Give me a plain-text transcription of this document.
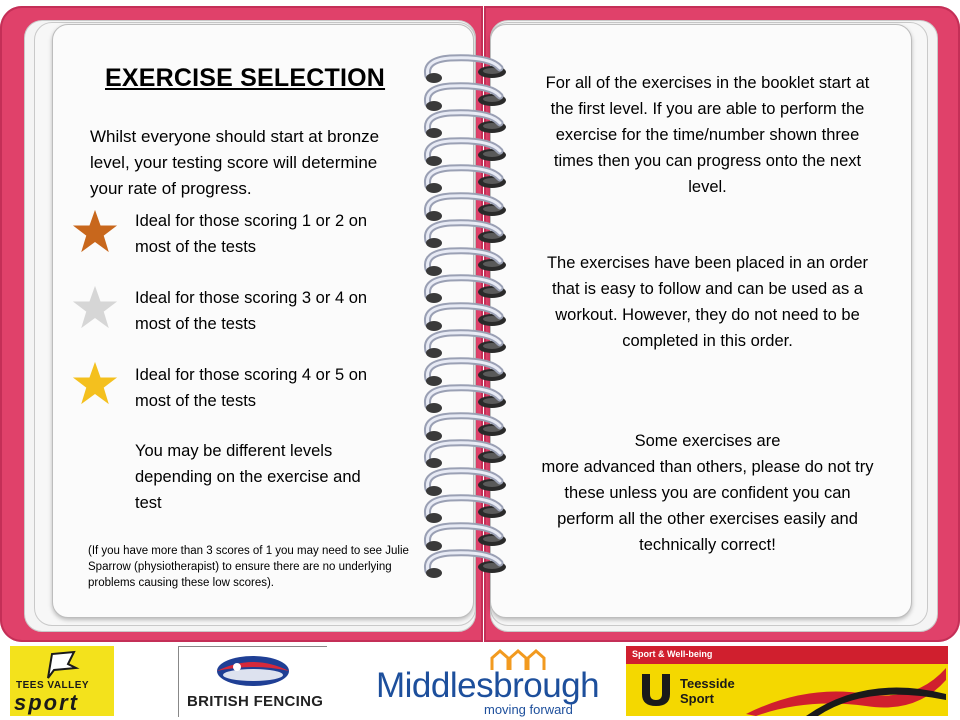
EXERCISE SELECTION
Whilst everyone should start at bronze level, your testing score will determine your rate of progress.
Ideal for those scoring 1 or 2 on most of the tests
Ideal for those scoring 3 or 4 on most of the tests
Ideal for those scoring 4 or 5 on most of the tests
You may be different levels depending on the exercise and test
(If you have more than 3 scores of 1 you may need to see Julie Sparrow (physiotherapist) to ensure there are no underlying problems causing these low scores).
For all of the exercises in the booklet start at the first level. If you are able to perform the exercise for the time/number shown three times then you can progress onto the next level.
The exercises have been placed in an order that is easy to follow and can be used as a workout. However, they do not need to be completed in this order.
Some exercises are
more advanced than others, please do not try these unless you are confident you can perform all the other exercises easily and technically correct!
TEES VALLEY
sport	BRITISH FENCING Middlesbrough
moving forward
Sport & Well-being
Teesside
Sport
